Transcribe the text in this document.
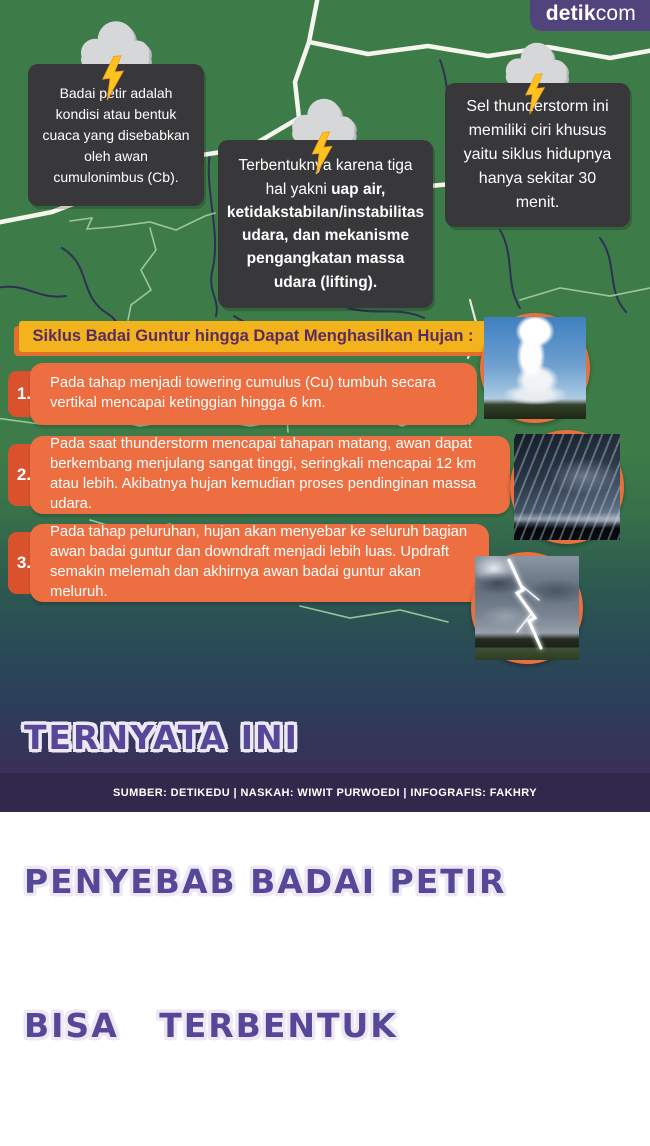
detikcom

Badai petir adalah kondisi atau bentuk cuaca yang disebabkan oleh awan cumulonimbus (Cb).

Terbentuknya karena tiga hal yakni uap air, ketidakstabilan/instabilitas udara, dan mekanisme pengangkatan massa udara (lifting).

Sel thunderstorm ini memiliki ciri khusus yaitu siklus hidupnya hanya sekitar 30 menit.

Siklus Badai Guntur hingga Dapat Menghasilkan Hujan :

Pada tahap menjadi towering cumulus (Cu) tumbuh secara vertikal mencapai ketinggian hingga 6 km.

1.

Pada saat thunderstorm mencapai tahapan matang, awan dapat berkembang menjulang sangat tinggi, seringkali mencapai 12 km atau lebih. Akibatnya hujan kemudian proses pendinginan massa udara.

2.

Pada tahap peluruhan, hujan akan menyebar ke seluruh bagian awan badai guntur dan downdraft menjadi lebih luas. Updraft semakin melemah dan akhirnya awan badai guntur akan meluruh.

3.

TERNYATA INI

PENYEBAB BADAI PETIR

BISA   TERBENTUK

SUMBER: DETIKEDU | NASKAH: WIWIT PURWOEDI | INFOGRAFIS: FAKHRY
